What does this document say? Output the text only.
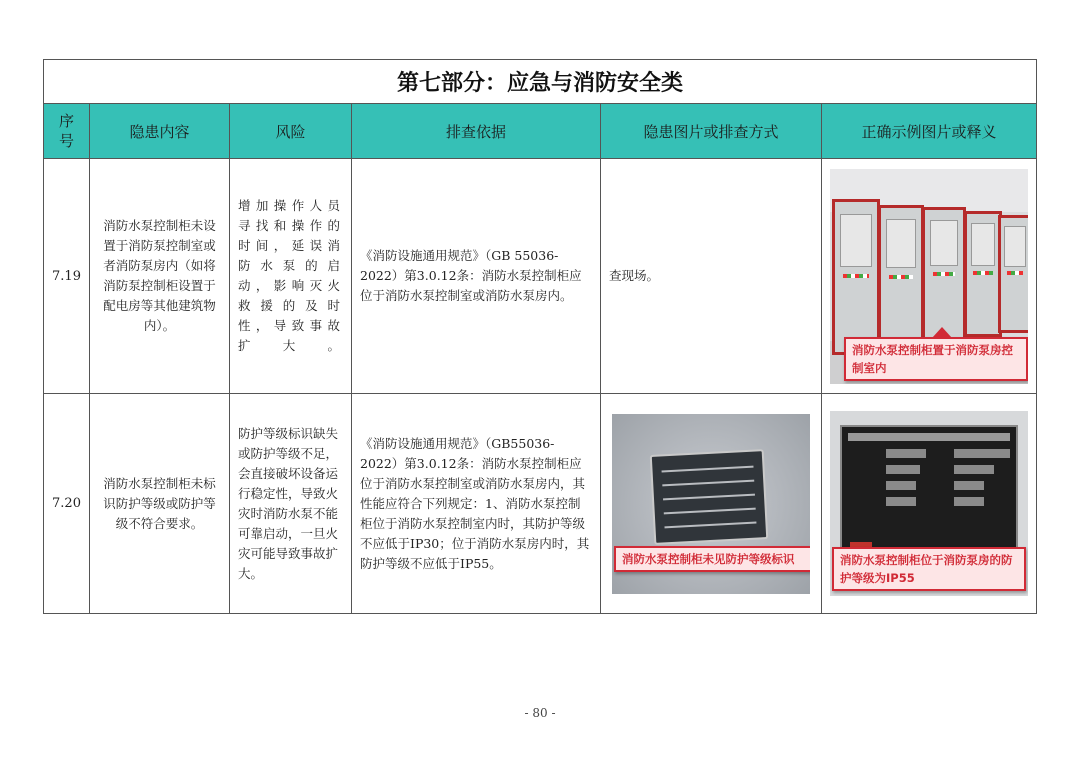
第七部分：应急与消防安全类					

序号	隐患内容	风险	排查依据	隐患图片或排查方式	正确示例图片或释义
7.19	消防水泵控制柜未设置于消防泵控制室或者消防泵房内（如将消防泵控制柜设置于配电房等其他建筑物内）。	增加操作人员寻找和操作的时间，延误消防水泵的启动，影响灭火救援的及时性，导致事故扩大。	《消防设施通用规范》（GB 55036-2022）第3.0.12条：消防水泵控制柜应位于消防水泵控制室或消防水泵房内。	查现场。	消防水泵控制柜置于消防泵房控制室内

7.20	消防水泵控制柜未标识防护等级或防护等级不符合要求。	防护等级标识缺失或防护等级不足，会直接破坏设备运行稳定性，导致火灾时消防水泵不能可靠启动，一旦火灾可能导致事故扩大。	《消防设施通用规范》（GB55036-2022）第3.0.12条：消防水泵控制柜应位于消防水泵控制室或消防水泵房内，其性能应符合下列规定：1、消防水泵控制柜位于消防水泵控制室内时，其防护等级不应低于IP30；位于消防水泵房内时，其防护等级不应低于IP55。	消防水泵控制柜未见防护等级标识	消防水泵控制柜位于消防泵房的防护等级为IP55
- 80 -
